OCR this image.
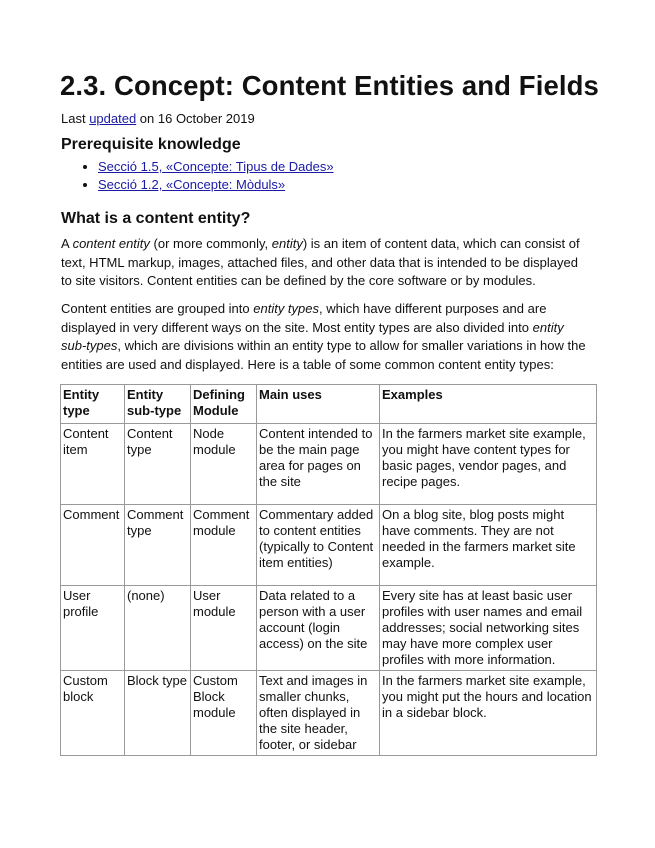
2.3. Concept: Content Entities and Fields
Last updated on 16 October 2019
Prerequisite knowledge
• Secció 1.5, «Concepte: Tipus de Dades»
• Secció 1.2, «Concepte: Mòduls»
What is a content entity?

A content entity (or more commonly, entity) is an item of content data, which can consist of text, HTML markup, images, attached files, and other data that is intended to be displayed to site visitors. Content entities can be defined by the core software or by modules.

Content entities are grouped into entity types, which have different purposes and are displayed in very different ways on the site. Most entity types are also divided into entity sub-types, which are divisions within an entity type to allow for smaller variations in how the entities are used and displayed. Here is a table of some common content entity types:

Entity type	Entity sub-type	Defining Module	Main uses	Examples
Content item	Content type	Node module	Content intended to be the main page area for pages on the site	In the farmers market site example, you might have content types for basic pages, vendor pages, and recipe pages.
Comment	Comment type	Comment module	Commentary added to content entities (typically to Content item entities)	On a blog site, blog posts might have comments. They are not needed in the farmers market site example.
User profile	(none)	User module	Data related to a person with a user account (login access) on the site	Every site has at least basic user profiles with user names and email addresses; social networking sites may have more complex user profiles with more information.
Custom block	Block type	Custom Block module	Text and images in smaller chunks, often displayed in the site header, footer, or sidebar	In the farmers market site example, you might put the hours and location in a sidebar block.
